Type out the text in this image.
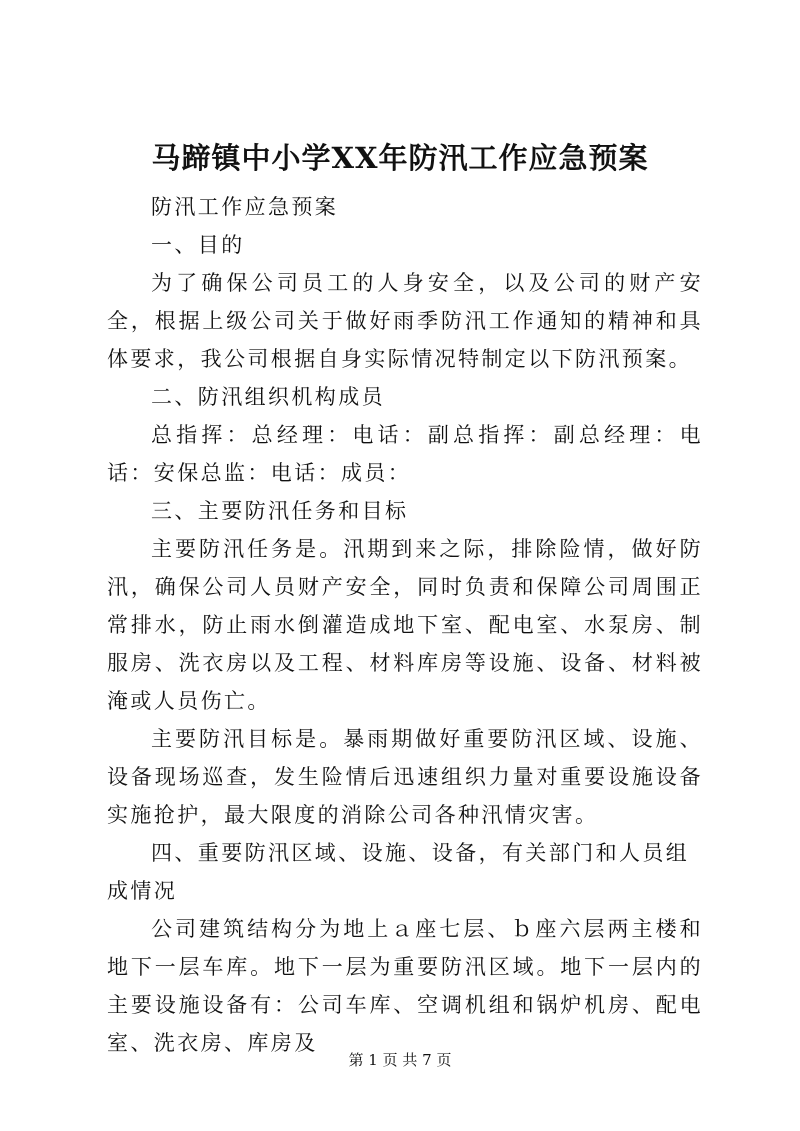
马蹄镇中小学XX年防汛工作应急预案

防汛工作应急预案

一、目的

为了确保公司员工的人身安全，以及公司的财产安全，根据上级公司关于做好雨季防汛工作通知的精神和具体要求，我公司根据自身实际情况特制定以下防汛预案。

二、防汛组织机构成员

总指挥：总经理：电话：副总指挥：副总经理：电话：安保总监：电话：成员：

三、主要防汛任务和目标

主要防汛任务是。汛期到来之际，排除险情，做好防汛，确保公司人员财产安全，同时负责和保障公司周围正常排水，防止雨水倒灌造成地下室、配电室、水泵房、制服房、洗衣房以及工程、材料库房等设施、设备、材料被淹或人员伤亡。

主要防汛目标是。暴雨期做好重要防汛区域、设施、设备现场巡查，发生险情后迅速组织力量对重要设施设备实施抢护，最大限度的消除公司各种汛情灾害。

四、重要防汛区域、设施、设备，有关部门和人员组成情况

公司建筑结构分为地上ａ座七层、ｂ座六层两主楼和地下一层车库。地下一层为重要防汛区域。地下一层内的主要设施设备有：公司车库、空调机组和锅炉机房、配电室、洗衣房、库房及

第 1 页 共 7 页
